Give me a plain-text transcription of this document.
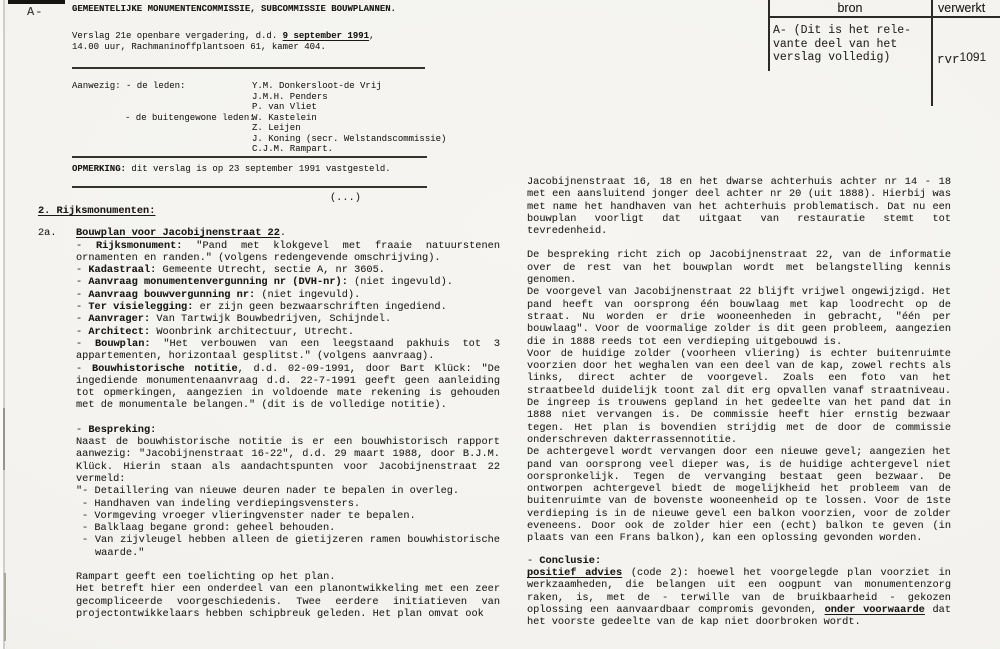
A-	bron	verwerkt
A- (Dit is het rele-
vante deel van het
verslag volledig)	rvr1091
GEMEENTELIJKE MONUMENTENCOMMISSIE, SUBCOMMISSIE BOUWPLANNEN.
Verslag 21e openbare vergadering, d.d. 9 september 1991,
14.00 uur, Rachmaninoffplantsoen 61, kamer 404.
Aanwezig: - de leden:	Y.M. Donkersloot-de Vrij
J.M.H. Penders
P. van Vliet
- de buitengewone leden:W. Kastelein
Z. Leijen
J. Koning (secr. Welstandscommissie)
C.J.M. Rampart.
OPMERKING: dit verslag is op 23 september 1991 vastgesteld.
(...)
2. Rijksmonumenten:
2a. Bouwplan voor Jacobijnenstraat 22.
- Rijksmonument: "Pand met klokgevel met fraaie natuurstenen ornamenten en randen." (volgens redengevende omschrijving).
- Kadastraal: Gemeente Utrecht, sectie A, nr 3605.
- Aanvraag monumentenvergunning nr (DVH-nr): (niet ingevuld).
- Aanvraag bouwvergunning nr: (niet ingevuld).
- Ter visielegging: er zijn geen bezwaarschriften ingediend.
- Aanvrager: Van Tartwijk Bouwbedrijven, Schijndel.
- Architect: Woonbrink architectuur, Utrecht.
- Bouwplan: "Het verbouwen van een leegstaand pakhuis tot 3 appartementen, horizontaal gesplitst." (volgens aanvraag).
- Bouwhistorische notitie, d.d. 02-09-1991, door Bart Klück: "De ingediende monumentenaanvraag d.d. 22-7-1991 geeft geen aanleiding tot opmerkingen, aangezien in voldoende mate rekening is gehouden met de monumentale belangen." (dit is de volledige notitie).
- Bespreking:
Naast de bouwhistorische notitie is er een bouwhistorisch rapport aanwezig: "Jacobijnenstraat 16-22", d.d. 29 maart 1988, door B.J.M. Klück. Hierin staan als aandachtspunten voor Jacobijnenstraat 22 vermeld:
"- Detaillering van nieuwe deuren nader te bepalen in overleg.
- Handhaven van indeling verdiepingsvensters.
- Vormgeving vroeger vlieringvenster nader te bepalen.
- Balklaag begane grond: geheel behouden.
- Van zijvleugel hebben alleen de gietijzeren ramen bouwhistorische waarde."
Rampart geeft een toelichting op het plan.
Het betreft hier een onderdeel van een planontwikkeling met een zeer gecompliceerde voorgeschiedenis. Twee eerdere initiatieven van projectontwikkelaars hebben schipbreuk geleden. Het plan omvat ook
Jacobijnenstraat 16, 18 en het dwarse achterhuis achter nr 14 - 18 met een aansluitend jonger deel achter nr 20 (uit 1888). Hierbij was met name het handhaven van het achterhuis problematisch. Dat nu een bouwplan voorligt dat uitgaat van restauratie stemt tot tevredenheid.
De bespreking richt zich op Jacobijnenstraat 22, van de informatie over de rest van het bouwplan wordt met belangstelling kennis genomen.
De voorgevel van Jacobijnenstraat 22 blijft vrijwel ongewijzigd. Het pand heeft van oorsprong één bouwlaag met kap loodrecht op de straat. Nu worden er drie wooneenheden in gebracht, "één per bouwlaag". Voor de voormalige zolder is dit geen probleem, aangezien die in 1888 reeds tot een verdieping uitgebouwd is.
Voor de huidige zolder (voorheen vliering) is echter buitenruimte voorzien door het weghalen van een deel van de kap, zowel rechts als links, direct achter de voorgevel. Zoals een foto van het straatbeeld duidelijk toont zal dit erg opvallen vanaf straatniveau. De ingreep is trouwens gepland in het gedeelte van het pand dat in 1888 niet vervangen is. De commissie heeft hier ernstig bezwaar tegen. Het plan is bovendien strijdig met de door de commissie onderschreven dakterrassennotitie.
De achtergevel wordt vervangen door een nieuwe gevel; aangezien het pand van oorsprong veel dieper was, is de huidige achtergevel niet oorspronkelijk. Tegen de vervanging bestaat geen bezwaar. De ontworpen achtergevel biedt de mogelijkheid het probleem van de buitenruimte van de bovenste wooneenheid op te lossen. Voor de 1ste verdieping is in de nieuwe gevel een balkon voorzien, voor de zolder eveneens. Door ook de zolder hier een (echt) balkon te geven (in plaats van een Frans balkon), kan een oplossing gevonden worden.
- Conclusie:
positief advies (code 2): hoewel het voorgelegde plan voorziet in werkzaamheden, die belangen uit een oogpunt van monumentenzorg raken, is, met de - terwille van de bruikbaarheid - gekozen oplossing een aanvaardbaar compromis gevonden, onder voorwaarde dat het voorste gedeelte van de kap niet doorbroken wordt.
